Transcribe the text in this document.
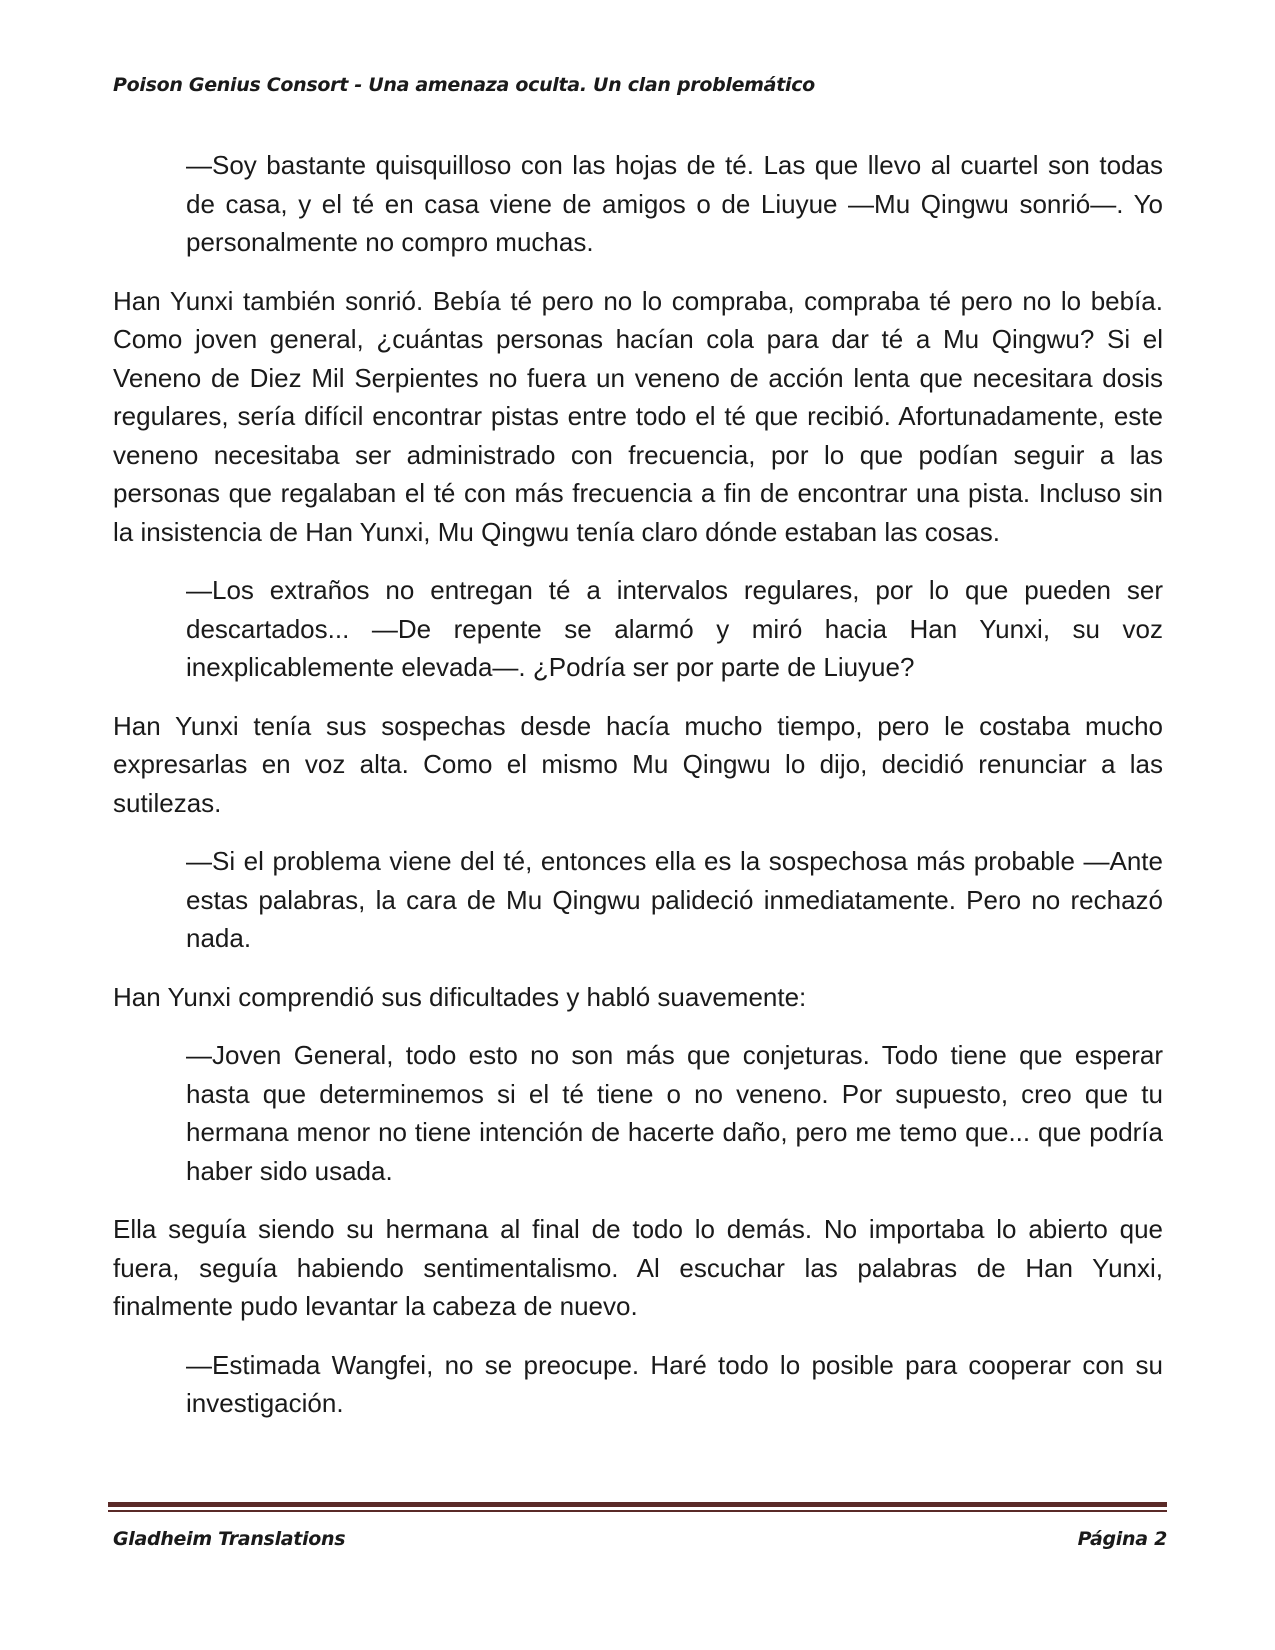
Poison Genius Consort - Una amenaza oculta. Un clan problemático

—Soy bastante quisquilloso con las hojas de té. Las que llevo al cuartel son todas de casa, y el té en casa viene de amigos o de Liuyue —Mu Qingwu sonrió—. Yo personalmente no compro muchas.

Han Yunxi también sonrió. Bebía té pero no lo compraba, compraba té pero no lo bebía. Como joven general, ¿cuántas personas hacían cola para dar té a Mu Qingwu? Si el Veneno de Diez Mil Serpientes no fuera un veneno de acción lenta que necesitara dosis regulares, sería difícil encontrar pistas entre todo el té que recibió. Afortunadamente, este veneno necesitaba ser administrado con frecuencia, por lo que podían seguir a las personas que regalaban el té con más frecuencia a fin de encontrar una pista. Incluso sin la insistencia de Han Yunxi, Mu Qingwu tenía claro dónde estaban las cosas.

—Los extraños no entregan té a intervalos regulares, por lo que pueden ser descartados... —De repente se alarmó y miró hacia Han Yunxi, su voz inexplicablemente elevada—. ¿Podría ser por parte de Liuyue?

Han Yunxi tenía sus sospechas desde hacía mucho tiempo, pero le costaba mucho expresarlas en voz alta. Como el mismo Mu Qingwu lo dijo, decidió renunciar a las sutilezas.

—Si el problema viene del té, entonces ella es la sospechosa más probable —Ante estas palabras, la cara de Mu Qingwu palideció inmediatamente. Pero no rechazó nada.

Han Yunxi comprendió sus dificultades y habló suavemente:

—Joven General, todo esto no son más que conjeturas. Todo tiene que esperar hasta que determinemos si el té tiene o no veneno. Por supuesto, creo que tu hermana menor no tiene intención de hacerte daño, pero me temo que... que podría haber sido usada.

Ella seguía siendo su hermana al final de todo lo demás. No importaba lo abierto que fuera, seguía habiendo sentimentalismo. Al escuchar las palabras de Han Yunxi, finalmente pudo levantar la cabeza de nuevo.

—Estimada Wangfei, no se preocupe. Haré todo lo posible para cooperar con su investigación.

Gladheim Translations	Página 2
